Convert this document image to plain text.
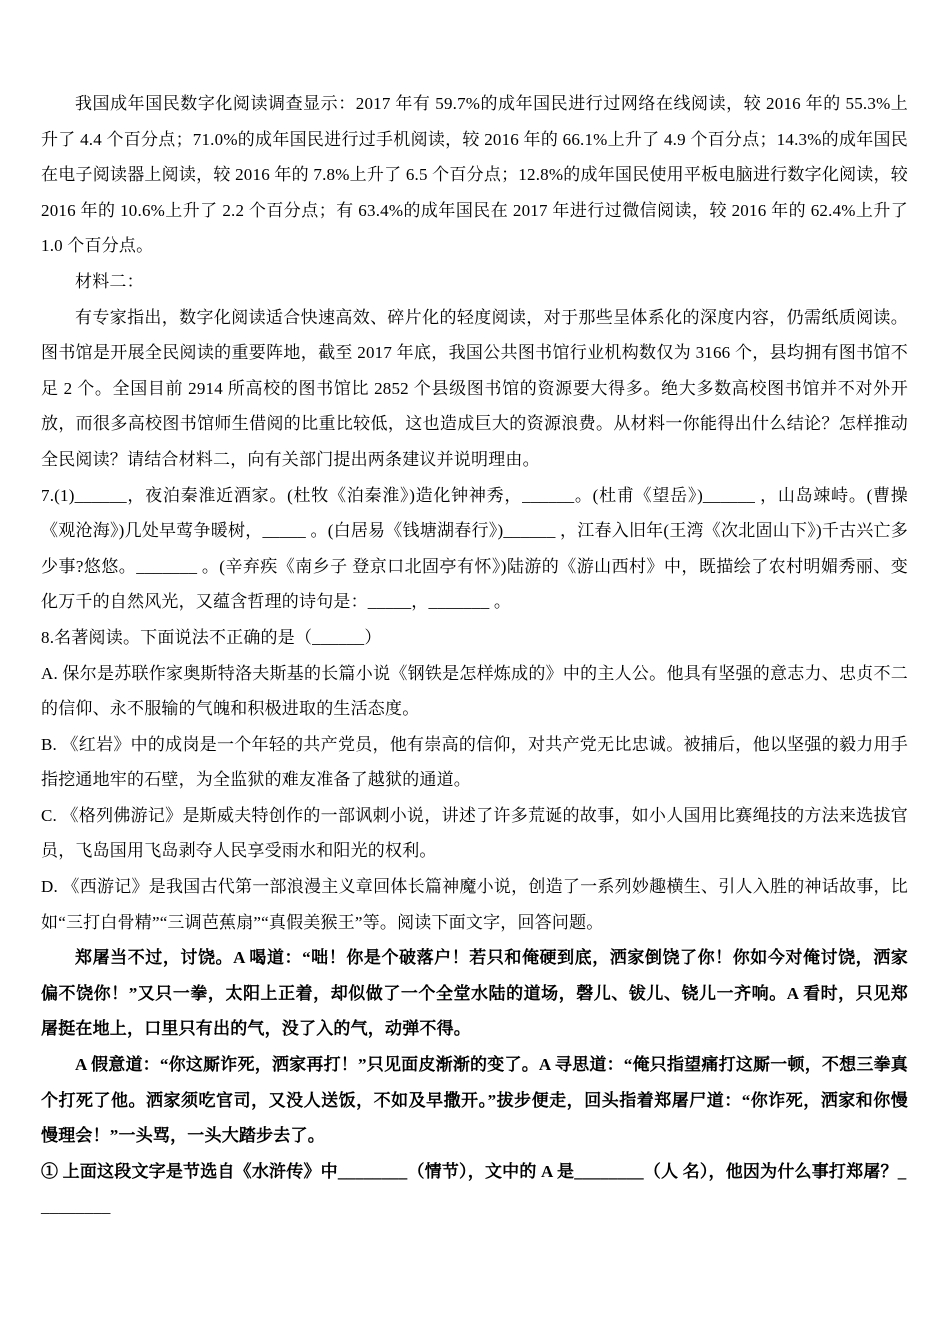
我国成年国民数字化阅读调查显示：2017 年有 59.7%的成年国民进行过网络在线阅读，较 2016 年的 55.3%上升了 4.4 个百分点；71.0%的成年国民进行过手机阅读，较 2016 年的 66.1%上升了 4.9 个百分点；14.3%的成年国民在电子阅读器上阅读，较 2016 年的 7.8%上升了 6.5 个百分点；12.8%的成年国民使用平板电脑进行数字化阅读，较 2016 年的 10.6%上升了 2.2 个百分点；有 63.4%的成年国民在 2017 年进行过微信阅读，较 2016 年的 62.4%上升了 1.0 个百分点。

材料二：

有专家指出，数字化阅读适合快速高效、碎片化的轻度阅读，对于那些呈体系化的深度内容，仍需纸质阅读。图书馆是开展全民阅读的重要阵地，截至 2017 年底，我国公共图书馆行业机构数仅为 3166 个，县均拥有图书馆不足 2 个。全国目前 2914 所高校的图书馆比 2852 个县级图书馆的资源要大得多。绝大多数高校图书馆并不对外开放，而很多高校图书馆师生借阅的比重比较低，这也造成巨大的资源浪费。从材料一你能得出什么结论？怎样推动全民阅读？请结合材料二，向有关部门提出两条建议并说明理由。

7.(1)______，夜泊秦淮近酒家。(杜牧《泊秦淮》)造化钟神秀，______。(杜甫《望岳》)______ ，山岛竦峙。(曹操《观沧海》)几处早莺争暖树，_____ 。(白居易《钱塘湖春行》)______ ，江春入旧年(王湾《次北固山下》)千古兴亡多少事?悠悠。_______ 。(辛弃疾《南乡子 登京口北固亭有怀》)陆游的《游山西村》中，既描绘了农村明媚秀丽、变化万千的自然风光，又蕴含哲理的诗句是：_____，_______ 。

8.名著阅读。下面说法不正确的是（______）

A. 保尔是苏联作家奥斯特洛夫斯基的长篇小说《钢铁是怎样炼成的》中的主人公。他具有坚强的意志力、忠贞不二的信仰、永不服输的气魄和积极进取的生活态度。

B. 《红岩》中的成岗是一个年轻的共产党员，他有崇高的信仰，对共产党无比忠诚。被捕后，他以坚强的毅力用手指挖通地牢的石壁，为全监狱的难友准备了越狱的通道。

C. 《格列佛游记》是斯威夫特创作的一部讽刺小说，讲述了许多荒诞的故事，如小人国用比赛绳技的方法来选拔官员，飞岛国用飞岛剥夺人民享受雨水和阳光的权利。

D. 《西游记》是我国古代第一部浪漫主义章回体长篇神魔小说，创造了一系列妙趣横生、引人入胜的神话故事，比如“三打白骨精”“三调芭蕉扇”“真假美猴王”等。阅读下面文字，回答问题。

郑屠当不过，讨饶。A 喝道：“咄！你是个破落户！若只和俺硬到底，洒家倒饶了你！你如今对俺讨饶，洒家偏不饶你！”又只一拳，太阳上正着，却似做了一个全堂水陆的道场，磬儿、钹儿、铙儿一齐响。A 看时，只见郑屠挺在地上，口里只有出的气，没了入的气，动弹不得。

A 假意道：“你这厮诈死，洒家再打！”只见面皮渐渐的变了。A 寻思道：“俺只指望痛打这厮一顿，不想三拳真个打死了他。洒家须吃官司，又没人送饭，不如及早撒开。”拔步便走，回头指着郑屠尸道：“你诈死，洒家和你慢慢理会！”一头骂，一头大踏步去了。

① 上面这段文字是节选自《水浒传》中________（情节），文中的 A 是________（人 名），他因为什么事打郑屠？_

________
